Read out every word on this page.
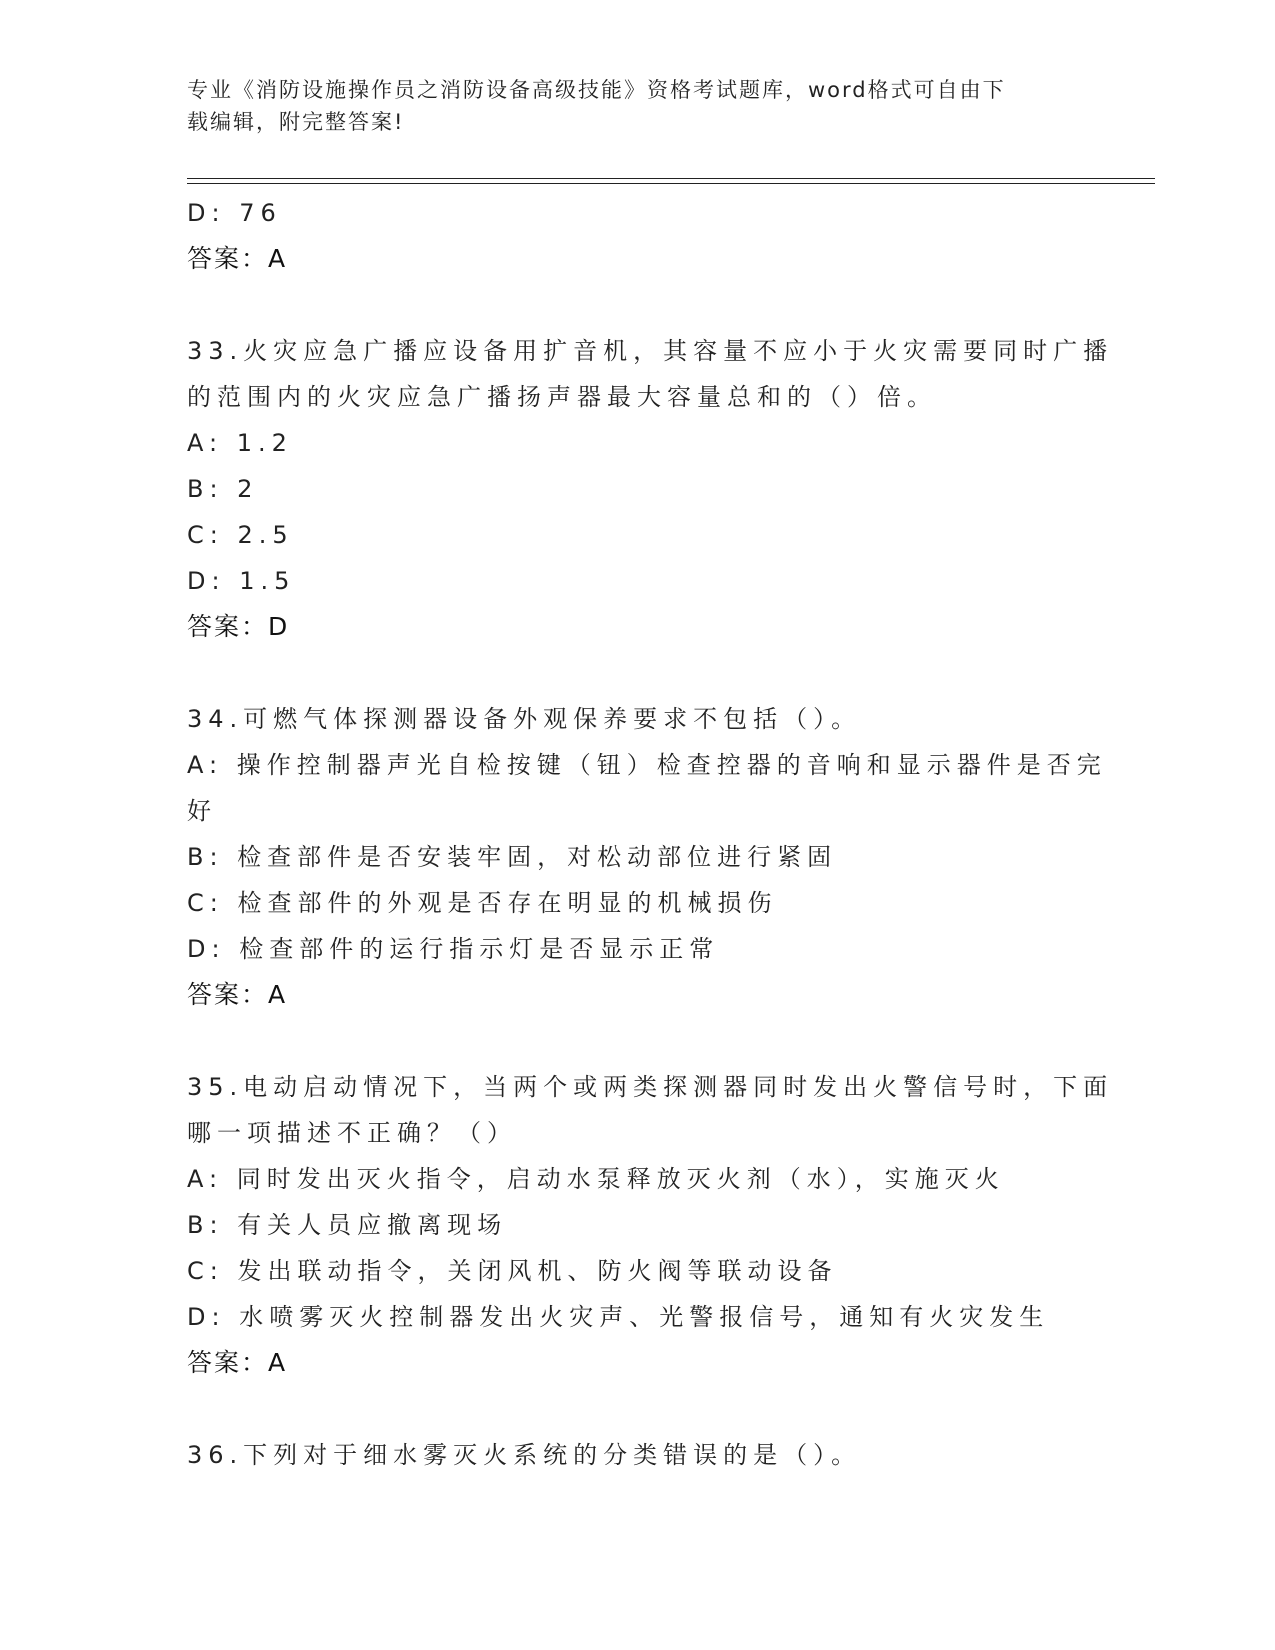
专业《消防设施操作员之消防设备高级技能》资格考试题库，word格式可自由下
载编辑，附完整答案!
D: 76
答案：A
33.火灾应急广播应设备用扩音机，其容量不应小于火灾需要同时广播
的范围内的火灾应急广播扬声器最大容量总和的（）倍。
A: 1.2
B: 2
C: 2.5
D: 1.5
答案：D
34.可燃气体探测器设备外观保养要求不包括（）。
A: 操作控制器声光自检按键（钮）检查控器的音响和显示器件是否完
好
B: 检查部件是否安装牢固，对松动部位进行紧固
C: 检查部件的外观是否存在明显的机械损伤
D: 检查部件的运行指示灯是否显示正常
答案：A
35.电动启动情况下，当两个或两类探测器同时发出火警信号时，下面
哪一项描述不正确？（）
A: 同时发出灭火指令，启动水泵释放灭火剂（水），实施灭火
B: 有关人员应撤离现场
C: 发出联动指令，关闭风机、防火阀等联动设备
D: 水喷雾灭火控制器发出火灾声、光警报信号，通知有火灾发生
答案：A
36.下列对于细水雾灭火系统的分类错误的是（）。
